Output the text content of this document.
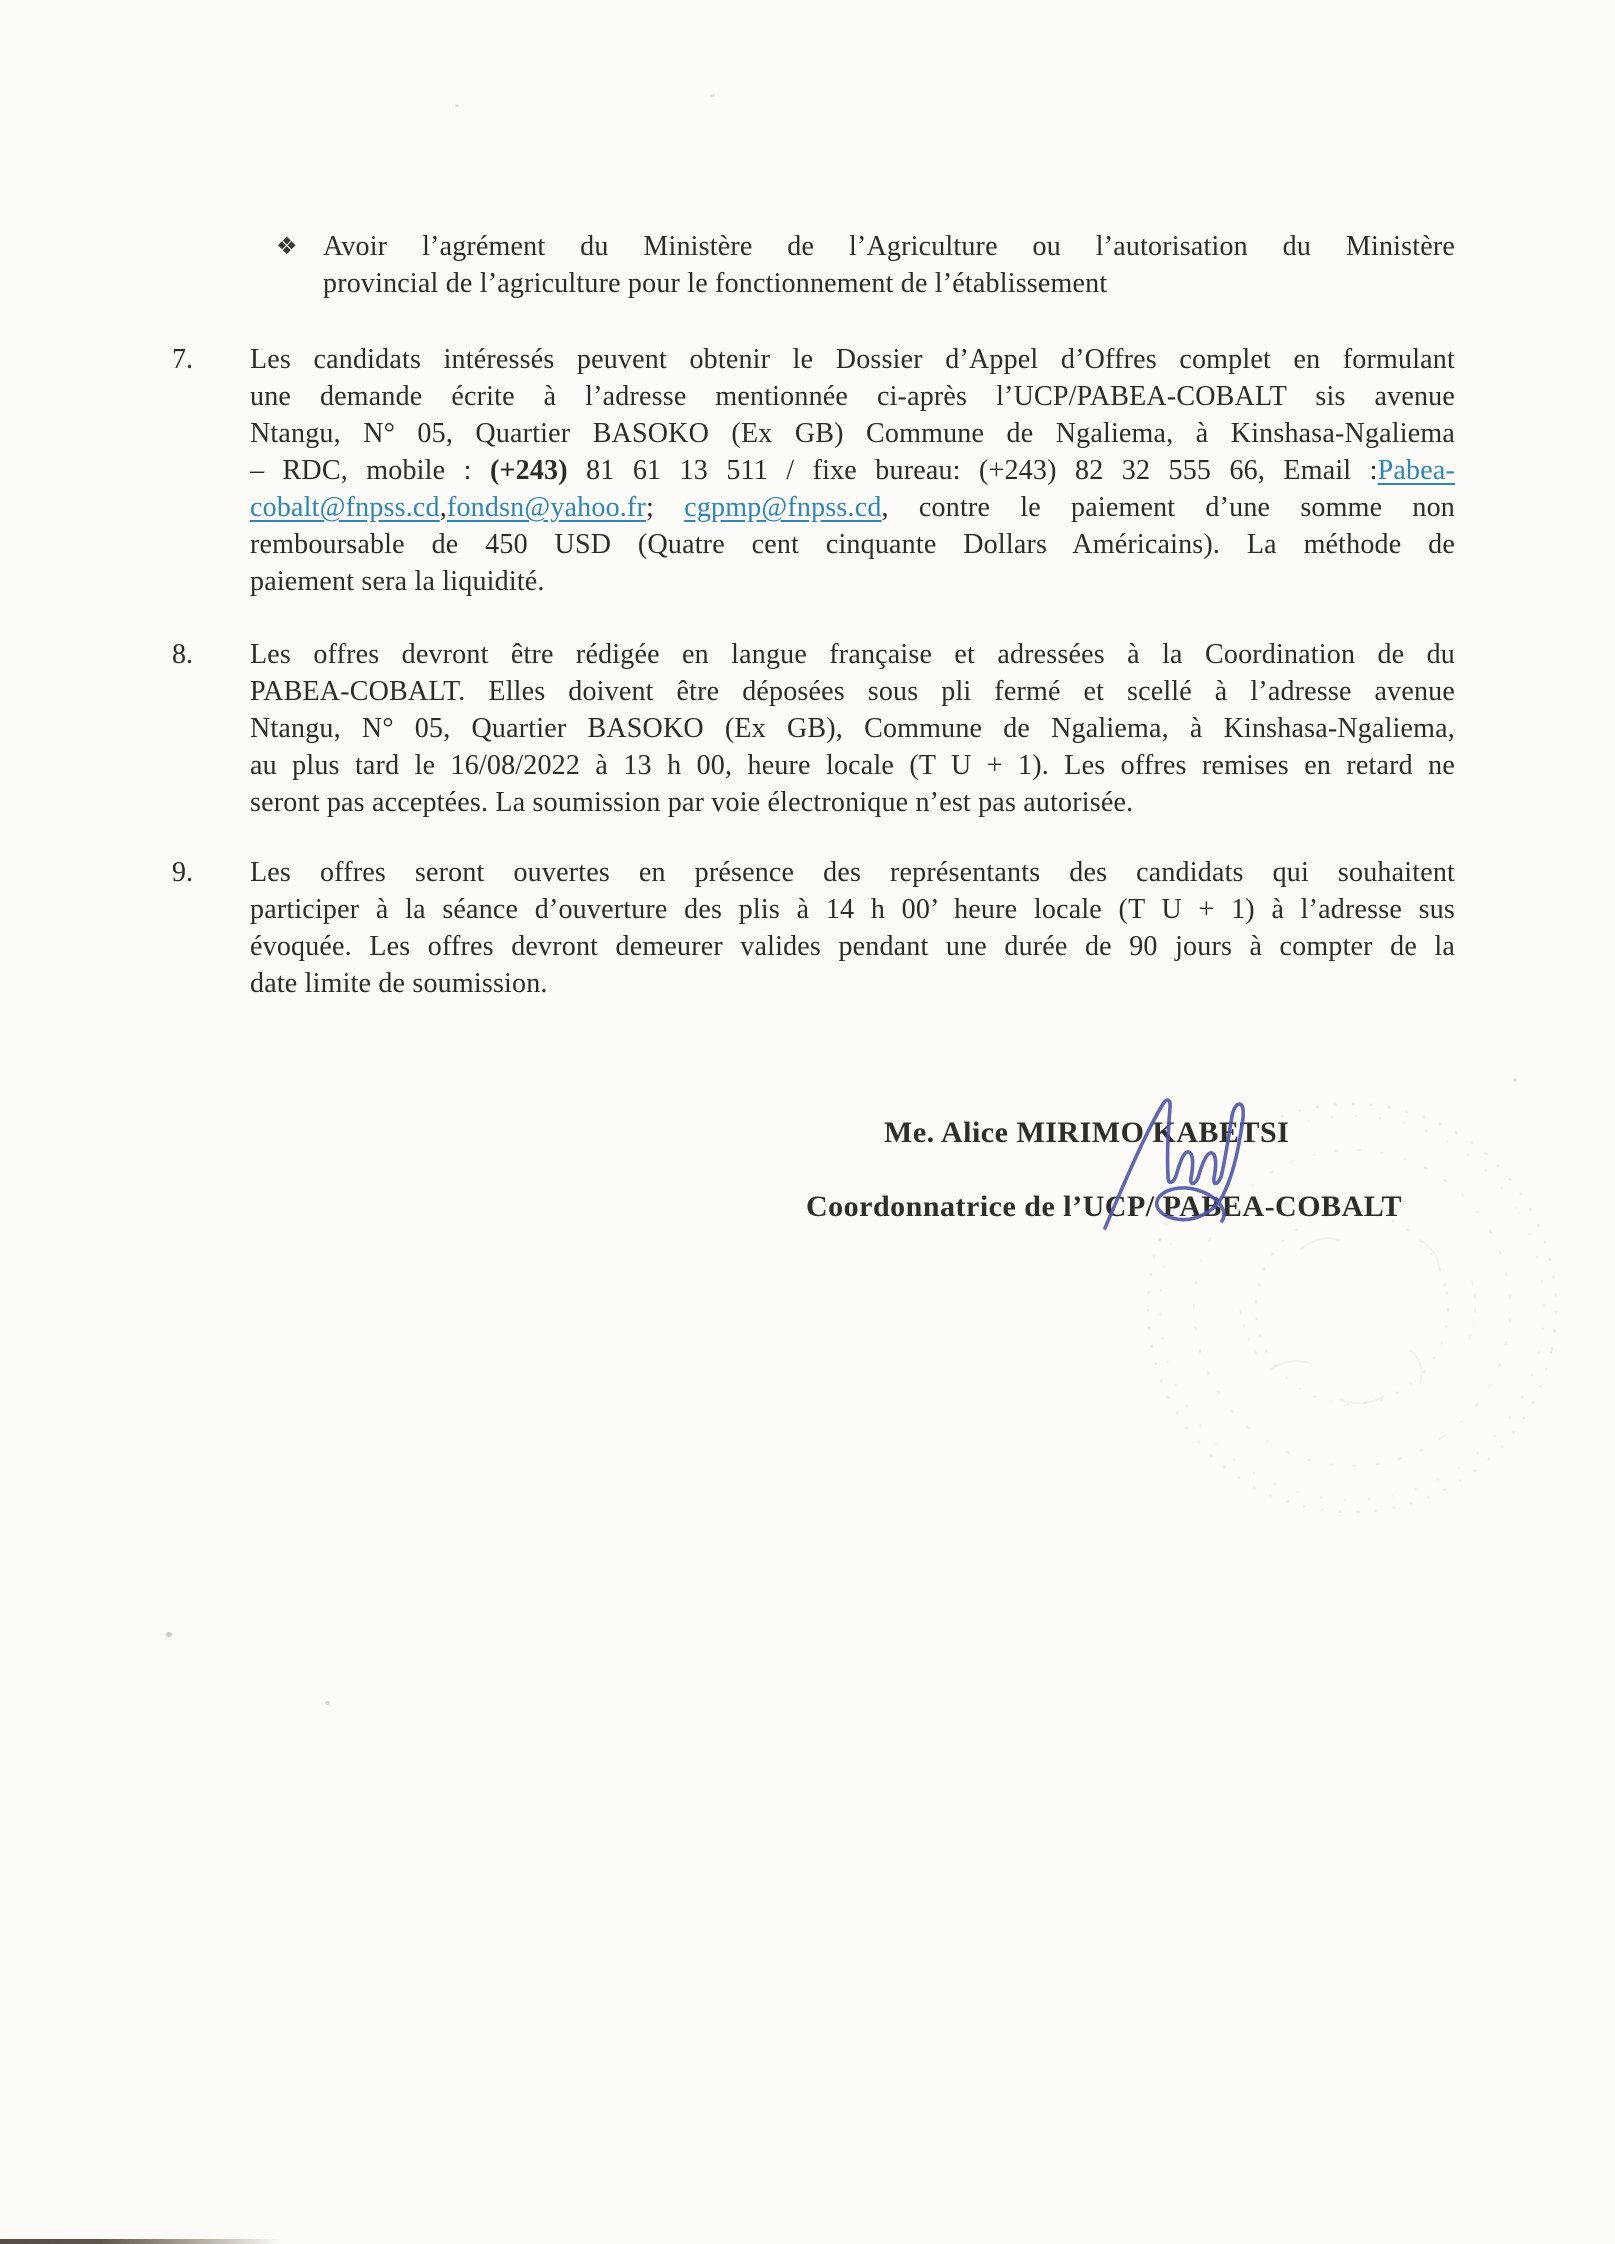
❖ Avoir l’agrément du Ministère de l’Agriculture ou l’autorisation du Ministère
provincial de l’agriculture pour le fonctionnement de l’établissement
7. Les candidats intéressés peuvent obtenir le Dossier d’Appel d’Offres complet en formulant
une demande écrite à l’adresse mentionnée ci-après l’UCP/PABEA-COBALT sis avenue
Ntangu, N° 05, Quartier BASOKO (Ex GB) Commune de Ngaliema, à Kinshasa-Ngaliema
– RDC, mobile : (+243) 81 61 13 511 / fixe bureau: (+243) 82 32 555 66, Email :Pabea-
cobalt@fnpss.cd,fondsn@yahoo.fr; cgpmp@fnpss.cd, contre le paiement d’une somme non
remboursable de 450 USD (Quatre cent cinquante Dollars Américains). La méthode de
paiement sera la liquidité.
8. Les offres devront être rédigée en langue française et adressées à la Coordination de du
PABEA-COBALT. Elles doivent être déposées sous pli fermé et scellé à l’adresse avenue
Ntangu, N° 05, Quartier BASOKO (Ex GB), Commune de Ngaliema, à Kinshasa-Ngaliema,
au plus tard le 16/08/2022 à 13 h 00, heure locale (T U + 1). Les offres remises en retard ne
seront pas acceptées. La soumission par voie électronique n’est pas autorisée.
9. Les offres seront ouvertes en présence des représentants des candidats qui souhaitent
participer à la séance d’ouverture des plis à 14 h 00’ heure locale (T U + 1) à l’adresse sus
évoquée. Les offres devront demeurer valides pendant une durée de 90 jours à compter de la
date limite de soumission.
Me. Alice MIRIMO KABETSI
Coordonnatrice de l’UCP/ PABEA-COBALT
